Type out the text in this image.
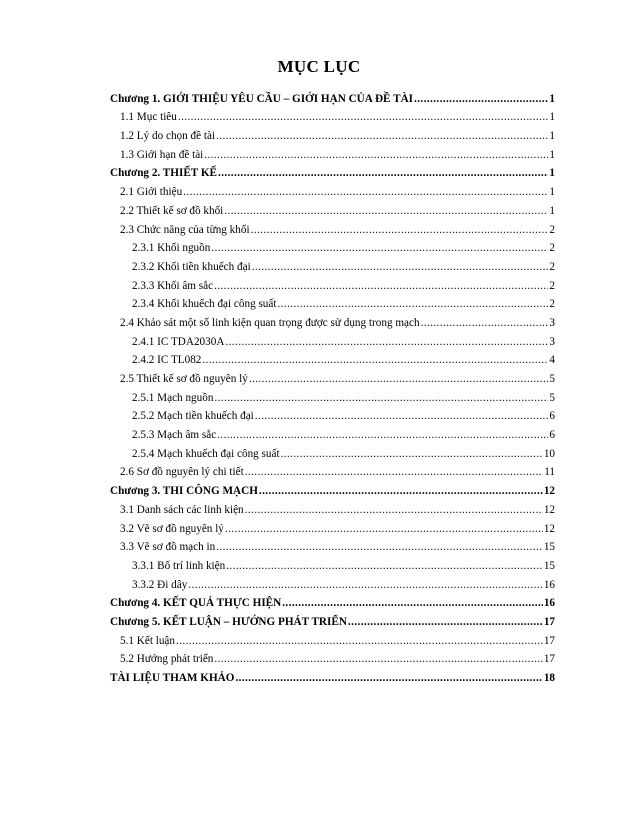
MỤC LỤC
Chương 1. GIỚI THIỆU YÊU CẦU – GIỚI HẠN CỦA ĐỀ TÀI .....	1
1.1 Mục tiêu .....	1
1.2 Lý do chọn đề tài .....	1
1.3 Giới hạn đề tài .....	1
Chương 2. THIẾT KẾ .....	1
2.1 Giới thiệu .....	1
2.2 Thiết kế sơ đồ khối .....	1
2.3 Chức năng của từng khối .....	2
2.3.1 Khối nguồn .....	2
2.3.2 Khối tiền khuếch đại .....	2
2.3.3 Khối âm sắc .....	2
2.3.4 Khối khuếch đại công suất .....	2
2.4 Khảo sát một số linh kiện quan trọng được sử dụng trong mạch .....	3
2.4.1 IC TDA2030A .....	3
2.4.2 IC TL082 .....	4
2.5 Thiết kế sơ đồ nguyên lý .....	5
2.5.1 Mạch nguồn .....	5
2.5.2 Mạch tiền khuếch đại .....	6
2.5.3 Mạch âm sắc .....	6
2.5.4 Mạch khuếch đại công suất .....	10
2.6 Sơ đồ nguyên lý chi tiết .....	11
Chương 3. THI CÔNG MẠCH .....	12
3.1 Danh sách các linh kiện .....	12
3.2 Vẽ sơ đồ nguyên lý .....	12
3.3 Vẽ sơ đồ mạch in .....	15
3.3.1 Bố trí linh kiện .....	15
3.3.2 Đi dây .....	16
Chương 4. KẾT QUẢ THỰC HIỆN .....	16
Chương 5. KẾT LUẬN – HƯỚNG PHÁT TRIỂN .....	17
5.1 Kết luận .....	17
5.2 Hướng phát triển .....	17
TÀI LIỆU THAM KHẢO .....	18
